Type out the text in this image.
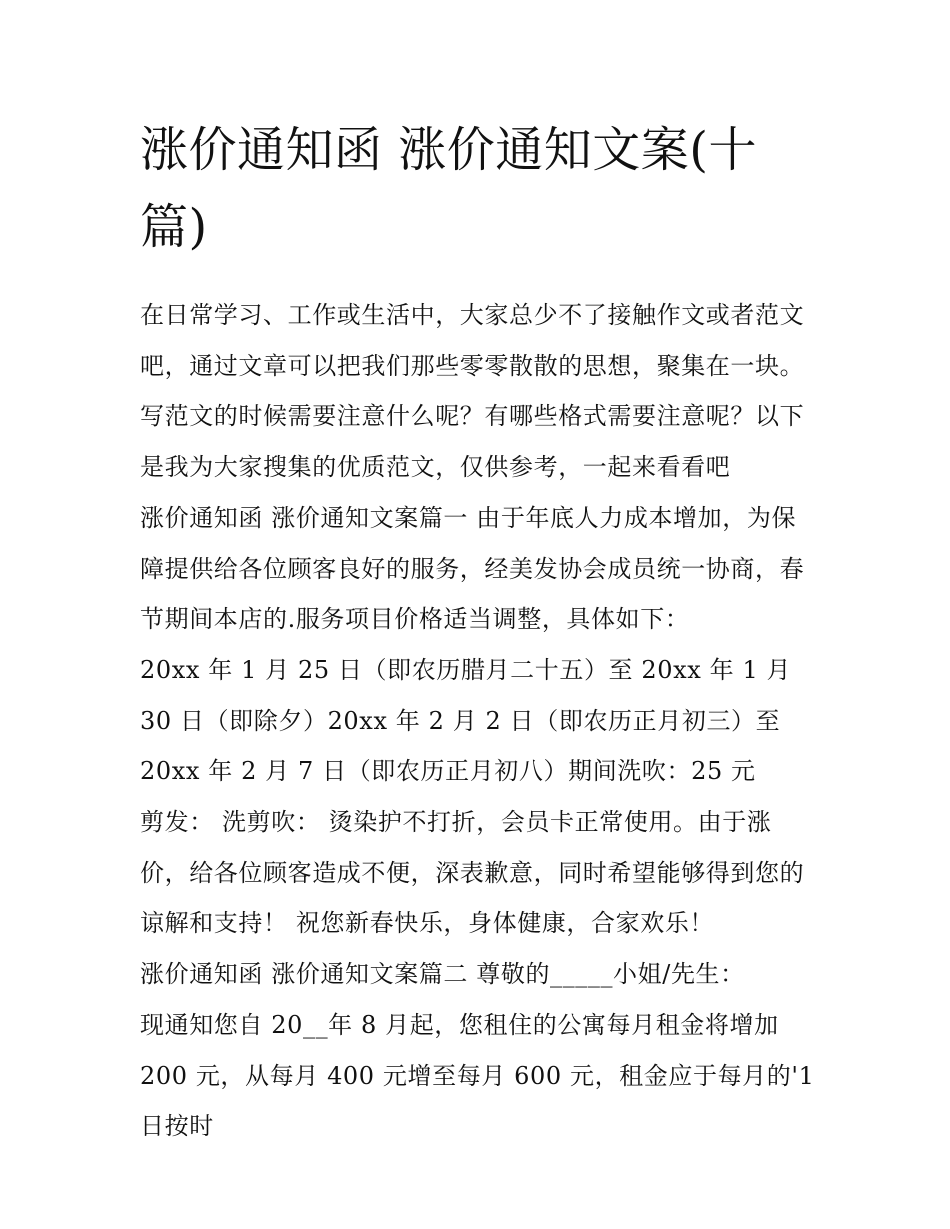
涨价通知函 涨价通知文案(十篇)

在日常学习、工作或生活中，大家总少不了接触作文或者范文吧，通过文章可以把我们那些零零散散的思想，聚集在一块。写范文的时候需要注意什么呢？有哪些格式需要注意呢？以下是我为大家搜集的优质范文，仅供参考，一起来看看吧

涨价通知函 涨价通知文案篇一 由于年底人力成本增加，为保障提供给各位顾客良好的服务，经美发协会成员统一协商，春节期间本店的.服务项目价格适当调整，具体如下：

20xx 年 1 月 25 日（即农历腊月二十五）至 20xx 年 1 月 30 日（即除夕）20xx 年 2 月 2 日（即农历正月初三）至 20xx 年 2 月 7 日（即农历正月初八）期间洗吹：25 元

剪发： 洗剪吹： 烫染护不打折，会员卡正常使用。由于涨价，给各位顾客造成不便，深表歉意，同时希望能够得到您的谅解和支持！ 祝您新春快乐，身体健康，合家欢乐！

涨价通知函 涨价通知文案篇二 尊敬的_____小姐/先生：

现通知您自 20__年 8 月起，您租住的公寓每月租金将增加 200 元，从每月 400 元增至每月 600 元，租金应于每月的'1 日按时
